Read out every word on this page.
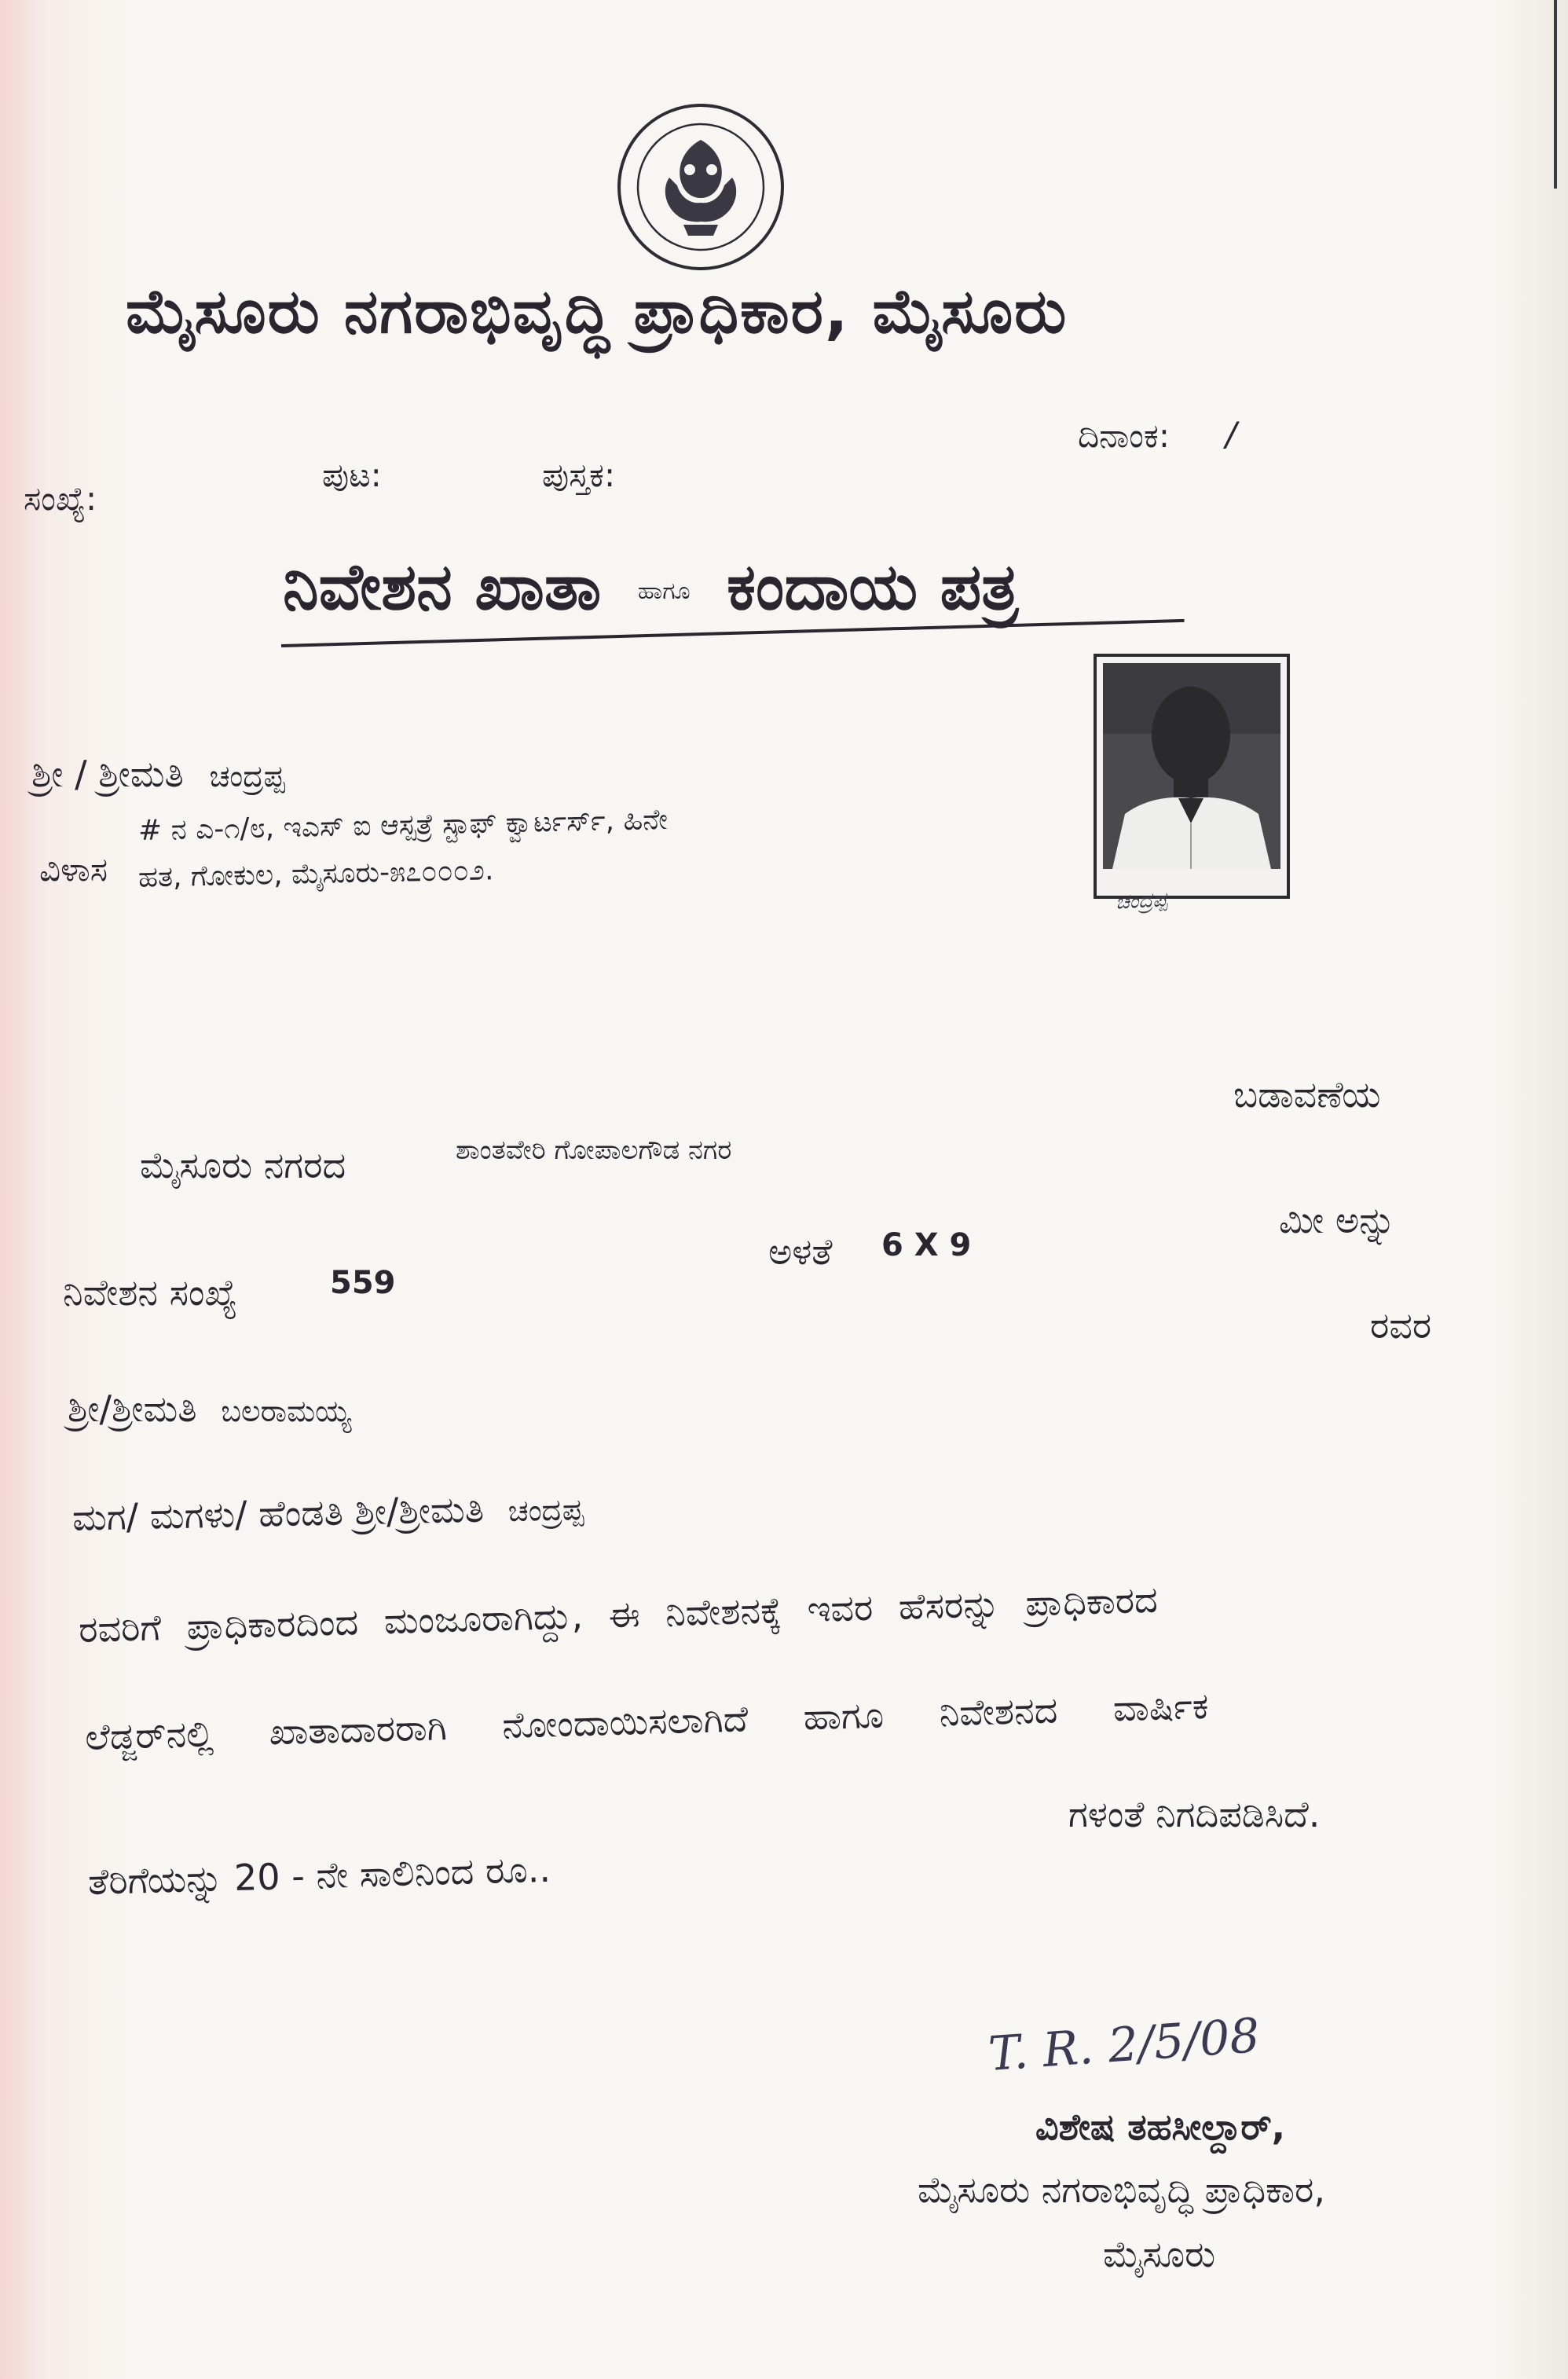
ಮೈಸೂರು ನಗರಾಭಿವೃದ್ಧಿ ಪ್ರಾಧಿಕಾರ, ಮೈಸೂರು
ದಿನಾಂಕ: /
ಸಂಖ್ಯೆ:
ಪುಟ:	ಪುಸ್ತಕ:
ನಿವೇಶನ ಖಾತಾ ಹಾಗೂ ಕಂದಾಯ ಪತ್ರ
ಚಂದ್ರಪ್ಪ
ಶ್ರೀ / ಶ್ರೀಮತಿ ಚಂದ್ರಪ್ಪ
ವಿಳಾಸ
# ನ ಎ-೧/೮, ಇಎಸ್ ಐ ಆಸ್ಪತ್ರೆ ಸ್ಟಾಫ್ ಕ್ವಾರ್ಟರ್ಸ್, ಹಿನೇ
ಹತ, ಗೋಕುಲ, ಮೈಸೂರು-೫೭೦೦೦೨.
ಬಡಾವಣೆಯ
ಮೈಸೂರು ನಗರದ	ಶಾಂತವೇರಿ ಗೋಪಾಲಗೌಡ ನಗರ
ಅಳತೆ 6 X 9
ಮೀ ಅನ್ನು
ನಿವೇಶನ ಸಂಖ್ಯೆ	559
ರವರ
ಶ್ರೀ/ಶ್ರೀಮತಿ ಬಲರಾಮಯ್ಯ
ಮಗ/ ಮಗಳು/ ಹೆಂಡತಿ ಶ್ರೀ/ಶ್ರೀಮತಿ ಚಂದ್ರಪ್ಪ
ರವರಿಗೆ ಪ್ರಾಧಿಕಾರದಿಂದ ಮಂಜೂರಾಗಿದ್ದು, ಈ ನಿವೇಶನಕ್ಕೆ ಇವರ ಹೆಸರನ್ನು ಪ್ರಾಧಿಕಾರದ
ಲೆಡ್ಜರ್‌ನಲ್ಲಿ ಖಾತಾದಾರರಾಗಿ ನೋಂದಾಯಿಸಲಾಗಿದೆ ಹಾಗೂ ನಿವೇಶನದ ವಾರ್ಷಿಕ
ಗಳಂತೆ ನಿಗದಿಪಡಿಸಿದೆ.
ತೆರಿಗೆಯನ್ನು 20 - ನೇ ಸಾಲಿನಿಂದ ರೂ..
T. R. 2/5/08
ವಿಶೇಷ ತಹಸೀಲ್ದಾರ್,
ಮೈಸೂರು ನಗರಾಭಿವೃದ್ಧಿ ಪ್ರಾಧಿಕಾರ,
ಮೈಸೂರು
